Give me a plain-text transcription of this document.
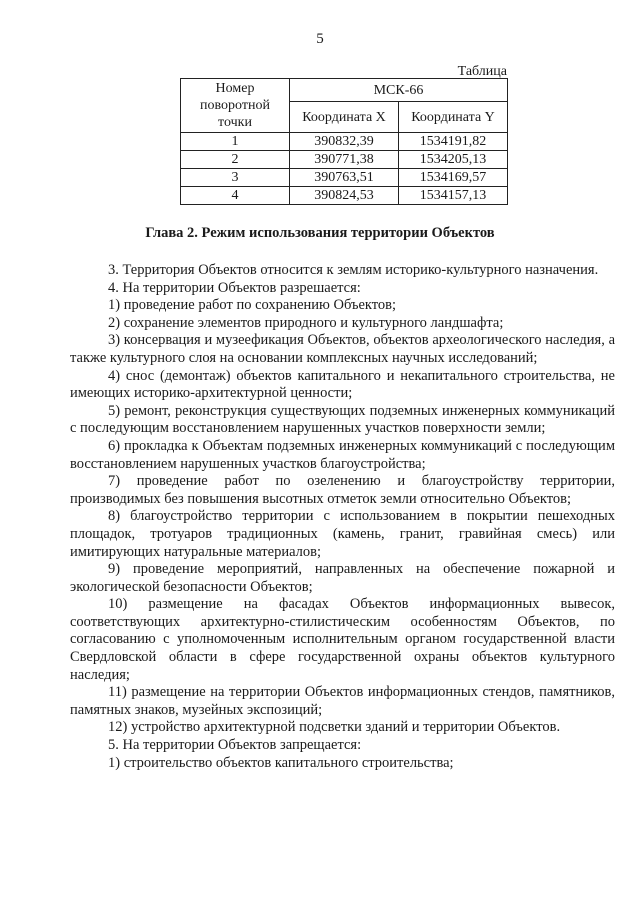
5
Таблица
Номер поворотной точки	МСК-66	
	Координата X	Координата Y
1	390832,39	1534191,82
2	390771,38	1534205,13
3	390763,51	1534169,57
4	390824,53	1534157,13
Глава 2. Режим использования территории Объектов

3. Территория Объектов относится к землям историко-культурного назначения.

4. На территории Объектов разрешается:

1) проведение работ по сохранению Объектов;

2) сохранение элементов природного и культурного ландшафта;

3) консервация и музеефикация Объектов, объектов археологического наследия, а также культурного слоя на основании комплексных научных исследований;

4) снос (демонтаж) объектов капитального и некапитального строительства, не имеющих историко-архитектурной ценности;

5) ремонт, реконструкция существующих подземных инженерных коммуникаций с последующим восстановлением нарушенных участков поверхности земли;

6) прокладка к Объектам подземных инженерных коммуникаций с последующим восстановлением нарушенных участков благоустройства;

7) проведение работ по озеленению и благоустройству территории, производимых без повышения высотных отметок земли относительно Объектов;

8) благоустройство территории с использованием в покрытии пешеходных площадок, тротуаров традиционных (камень, гранит, гравийная смесь) или имитирующих натуральные материалов;

9) проведение мероприятий, направленных на обеспечение пожарной и экологической безопасности Объектов;

10) размещение на фасадах Объектов информационных вывесок, соответствующих архитектурно-стилистическим особенностям Объектов, по согласованию с уполномоченным исполнительным органом государственной власти Свердловской области в сфере государственной охраны объектов культурного наследия;

11) размещение на территории Объектов информационных стендов, памятников, памятных знаков, музейных экспозиций;

12) устройство архитектурной подсветки зданий и территории Объектов.

5. На территории Объектов запрещается:

1) строительство объектов капитального строительства;
